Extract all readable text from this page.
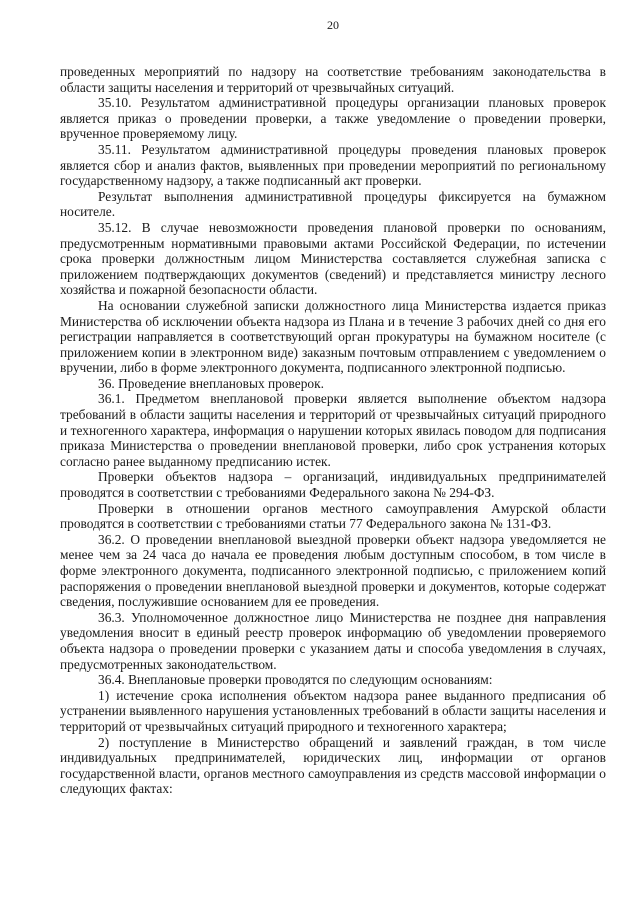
20

проведенных мероприятий по надзору на соответствие требованиям законодательства в области защиты населения и территорий от чрезвычайных ситуаций.

35.10. Результатом административной процедуры организации плановых проверок является приказ о проведении проверки, а также уведомление о проведении проверки, врученное проверяемому лицу.

35.11. Результатом административной процедуры проведения плановых проверок является сбор и анализ фактов, выявленных при проведении мероприятий по региональному государственному надзору, а также подписанный акт проверки.

Результат выполнения административной процедуры фиксируется на бумажном носителе.

35.12. В случае невозможности проведения плановой проверки по основаниям, предусмотренным нормативными правовыми актами Российской Федерации, по истечении срока проверки должностным лицом Министерства составляется служебная записка с приложением подтверждающих документов (сведений) и представляется министру лесного хозяйства и пожарной безопасности области.

На основании служебной записки должностного лица Министерства издается приказ Министерства об исключении объекта надзора из Плана и в течение 3 рабочих дней со дня его регистрации направляется в соответствующий орган прокуратуры на бумажном носителе (с приложением копии в электронном виде) заказным почтовым отправлением с уведомлением о вручении, либо в форме электронного документа, подписанного электронной подписью.

36. Проведение внеплановых проверок.

36.1. Предметом внеплановой проверки является выполнение объектом надзора требований в области защиты населения и территорий от чрезвычайных ситуаций природного и техногенного характера, информация о нарушении которых явилась поводом для подписания приказа Министерства о проведении внеплановой проверки, либо срок устранения которых согласно ранее выданному предписанию истек.

Проверки объектов надзора – организаций, индивидуальных предпринимателей проводятся в соответствии с требованиями Федерального закона № 294-ФЗ.

Проверки в отношении органов местного самоуправления Амурской области проводятся в соответствии с требованиями статьи 77 Федерального закона № 131-ФЗ.

36.2. О проведении внеплановой выездной проверки объект надзора уведомляется не менее чем за 24 часа до начала ее проведения любым доступным способом, в том числе в форме электронного документа, подписанного электронной подписью, с приложением копий распоряжения о проведении внеплановой выездной проверки и документов, которые содержат сведения, послужившие основанием для ее проведения.

36.3. Уполномоченное должностное лицо Министерства не позднее дня направления уведомления вносит в единый реестр проверок информацию об уведомлении проверяемого объекта надзора о проведении проверки с указанием даты и способа уведомления в случаях, предусмотренных законодательством.

36.4. Внеплановые проверки проводятся по следующим основаниям:

1) истечение срока исполнения объектом надзора ранее выданного предписания об устранении выявленного нарушения установленных требований в области защиты населения и территорий от чрезвычайных ситуаций природного и техногенного характера;

2) поступление в Министерство обращений и заявлений граждан, в том числе индивидуальных предпринимателей, юридических лиц, информации от органов государственной власти, органов местного самоуправления из средств массовой информации о следующих фактах:
